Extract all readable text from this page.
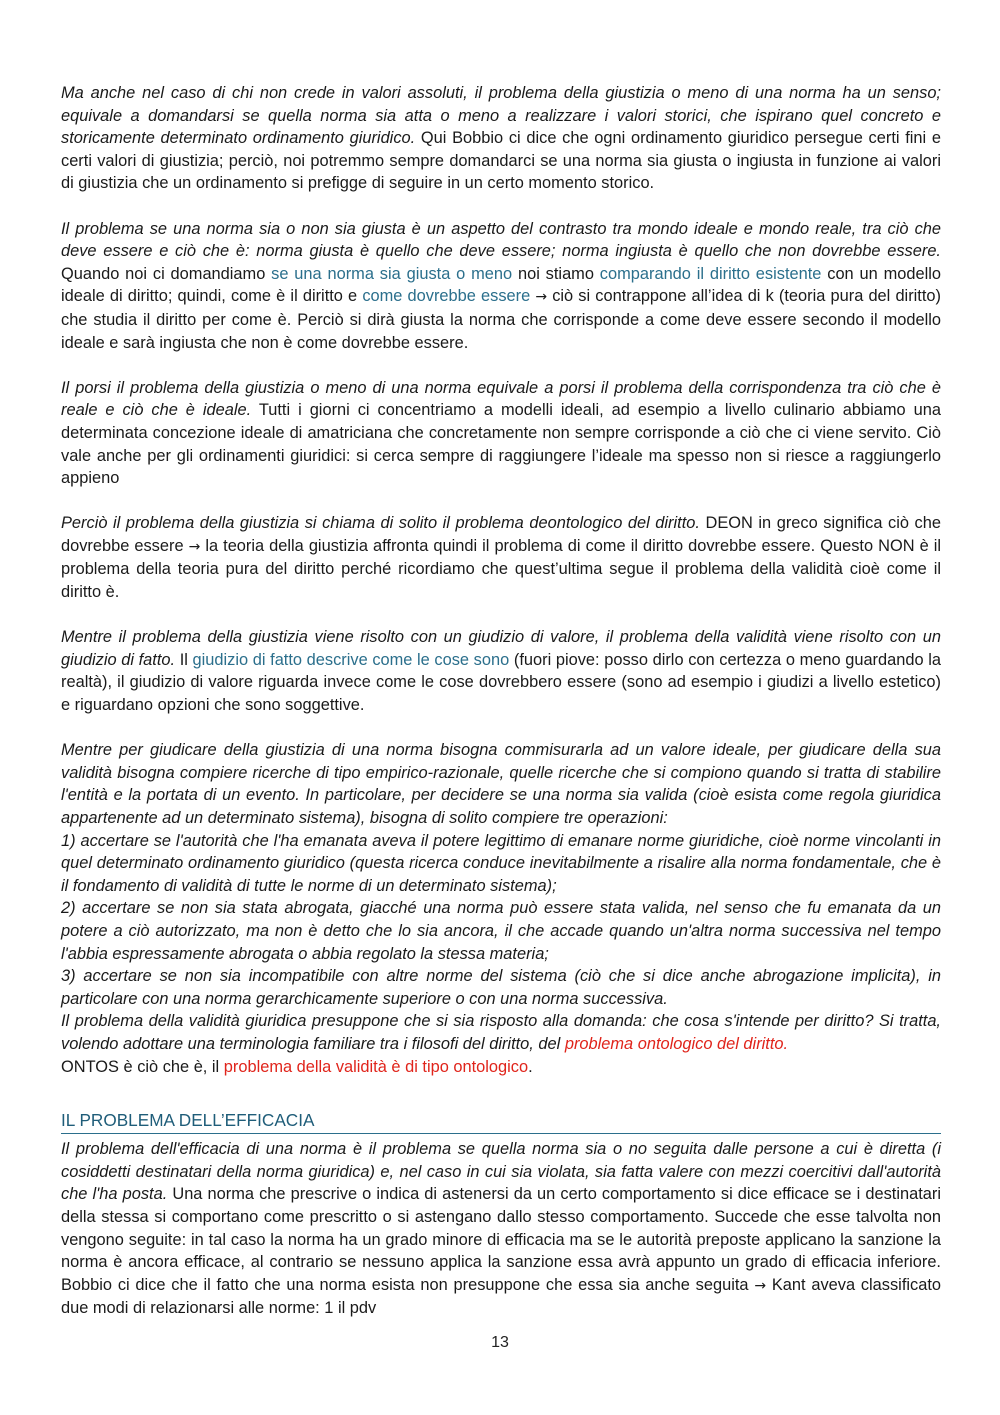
Ma anche nel caso di chi non crede in valori assoluti, il problema della giustizia o meno di una norma ha un senso; equivale a domandarsi se quella norma sia atta o meno a realizzare i valori storici, che ispirano quel concreto e storicamente determinato ordinamento giuridico. Qui Bobbio ci dice che ogni ordinamento giuridico persegue certi fini e certi valori di giustizia; perciò, noi potremmo sempre domandarci se una norma sia giusta o ingiusta in funzione ai valori di giustizia che un ordinamento si prefigge di seguire in un certo momento storico.

Il problema se una norma sia o non sia giusta è un aspetto del contrasto tra mondo ideale e mondo reale, tra ciò che deve essere e ciò che è: norma giusta è quello che deve essere; norma ingiusta è quello che non dovrebbe essere. Quando noi ci domandiamo se una norma sia giusta o meno noi stiamo comparando il diritto esistente con un modello ideale di diritto; quindi, come è il diritto e come dovrebbe essere → ciò si contrappone all’idea di k (teoria pura del diritto) che studia il diritto per come è. Perciò si dirà giusta la norma che corrisponde a come deve essere secondo il modello ideale e sarà ingiusta che non è come dovrebbe essere.

Il porsi il problema della giustizia o meno di una norma equivale a porsi il problema della corrispondenza tra ciò che è reale e ciò che è ideale. Tutti i giorni ci concentriamo a modelli ideali, ad esempio a livello culinario abbiamo una determinata concezione ideale di amatriciana che concretamente non sempre corrisponde a ciò che ci viene servito. Ciò vale anche per gli ordinamenti giuridici: si cerca sempre di raggiungere l’ideale ma spesso non si riesce a raggiungerlo appieno

Perciò il problema della giustizia si chiama di solito il problema deontologico del diritto. DEON in greco significa ciò che dovrebbe essere → la teoria della giustizia affronta quindi il problema di come il diritto dovrebbe essere. Questo NON è il problema della teoria pura del diritto perché ricordiamo che quest’ultima segue il problema della validità cioè come il diritto è.

Mentre il problema della giustizia viene risolto con un giudizio di valore, il problema della validità viene risolto con un giudizio di fatto. Il giudizio di fatto descrive come le cose sono (fuori piove: posso dirlo con certezza o meno guardando la realtà), il giudizio di valore riguarda invece come le cose dovrebbero essere (sono ad esempio i giudizi a livello estetico) e riguardano opzioni che sono soggettive.

Mentre per giudicare della giustizia di una norma bisogna commisurarla ad un valore ideale, per giudicare della sua validità bisogna compiere ricerche di tipo empirico-razionale, quelle ricerche che si compiono quando si tratta di stabilire l'entità e la portata di un evento. In particolare, per decidere se una norma sia valida (cioè esista come regola giuridica appartenente ad un determinato sistema), bisogna di solito compiere tre operazioni:
1) accertare se l'autorità che l'ha emanata aveva il potere legittimo di emanare norme giuridiche, cioè norme vincolanti in quel determinato ordinamento giuridico (questa ricerca conduce inevitabilmente a risalire alla norma fondamentale, che è il fondamento di validità di tutte le norme di un determinato sistema);
2) accertare se non sia stata abrogata, giacché una norma può essere stata valida, nel senso che fu emanata da un potere a ciò autorizzato, ma non è detto che lo sia ancora, il che accade quando un'altra norma successiva nel tempo l'abbia espressamente abrogata o abbia regolato la stessa materia;
3) accertare se non sia incompatibile con altre norme del sistema (ciò che si dice anche abrogazione implicita), in particolare con una norma gerarchicamente superiore o con una norma successiva.
Il problema della validità giuridica presuppone che si sia risposto alla domanda: che cosa s'intende per diritto? Si tratta, volendo adottare una terminologia familiare tra i filosofi del diritto, del problema ontologico del diritto.
ONTOS è ciò che è, il problema della validità è di tipo ontologico.
IL PROBLEMA DELL’EFFICACIA

Il problema dell'efficacia di una norma è il problema se quella norma sia o no seguita dalle persone a cui è diretta (i cosiddetti destinatari della norma giuridica) e, nel caso in cui sia violata, sia fatta valere con mezzi coercitivi dall'autorità che l'ha posta. Una norma che prescrive o indica di astenersi da un certo comportamento si dice efficace se i destinatari della stessa si comportano come prescritto o si astengano dallo stesso comportamento. Succede che esse talvolta non vengono seguite: in tal caso la norma ha un grado minore di efficacia ma se le autorità preposte applicano la sanzione la norma è ancora efficace, al contrario se nessuno applica la sanzione essa avrà appunto un grado di efficacia inferiore. Bobbio ci dice che il fatto che una norma esista non presuppone che essa sia anche seguita → Kant aveva classificato due modi di relazionarsi alle norme: 1 il pdv

13
